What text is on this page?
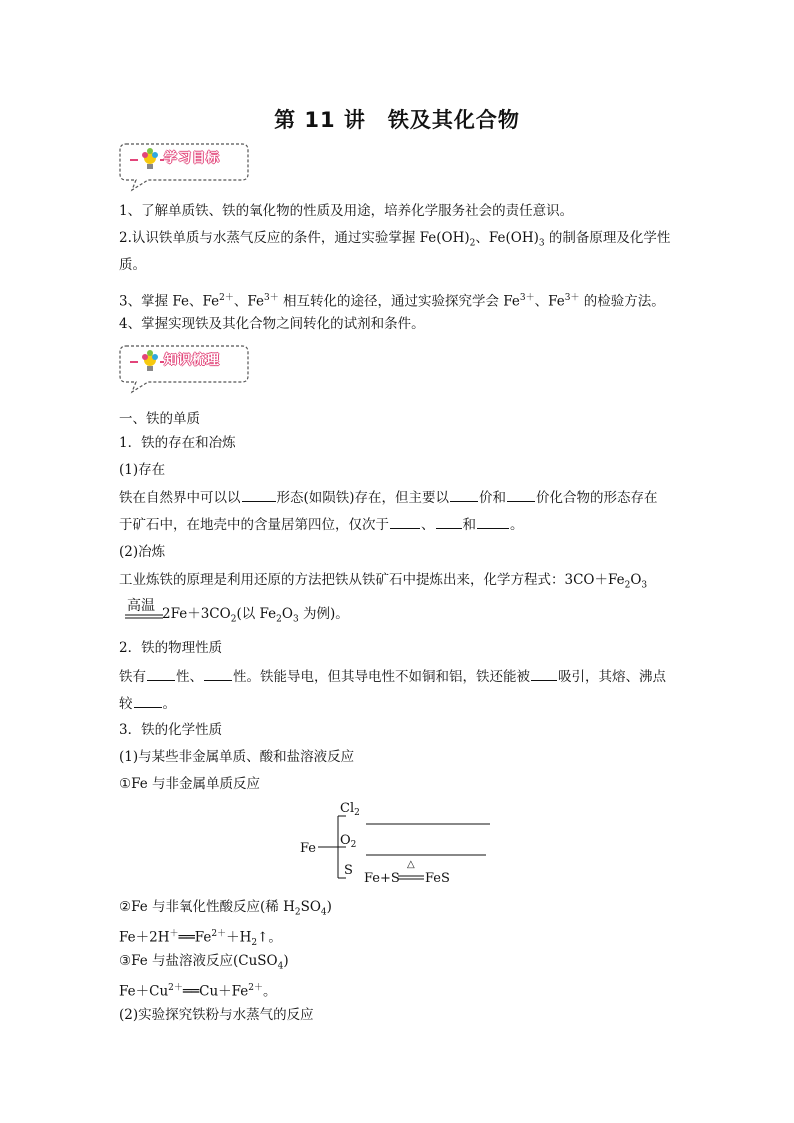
第 11 讲　铁及其化合物
学习目标
1、了解单质铁、铁的氧化物的性质及用途，培养化学服务社会的责任意识。
2.认识铁单质与水蒸气反应的条件，通过实验掌握 $Fe(OH)_2$、$Fe(OH)_3$ 的制备原理及化学性
质。
3、掌握 Fe、$Fe^{2+}$、$Fe^{3+}$ 相互转化的途径，通过实验探究学会 $Fe^{3+}$、$Fe^{3+}$ 的检验方法。
4、掌握实现铁及其化合物之间转化的试剂和条件。
知识梳理
一、铁的单质
1．铁的存在和冶炼
(1)存在
铁在自然界中可以以	形态(如陨铁)存在，但主要以 价和 价化合物的形态存在
于矿石中，在地壳中的含量居第四位，仅次于 、 和	。
(2)冶炼
工业炼铁的原理是利用还原的方法把铁从铁矿石中提炼出来，化学方程式：$3CO+Fe_2O_3$
高温 $2Fe+3CO_2$(以 $Fe_2O_3$ 为例)。
2．铁的物理性质
铁有 性、 性。铁能导电，但其导电性不如铜和铝，铁还能被 吸引，其熔、沸点
较 。
3．铁的化学性质
(1)与某些非金属单质、酸和盐溶液反应
①Fe 与非金属单质反应
Fe
$Cl_2$
$O_2$
S
Fe+S
△
FeS
②Fe 与非氧化性酸反应(稀 $H_2SO_4$)
$Fe+2H^+══Fe^{2+}+H_2↑$。
③Fe 与盐溶液反应(CuSO$_4$)
$Fe+Cu^{2+}══Cu+Fe^{2+}$。
(2)实验探究铁粉与水蒸气的反应
